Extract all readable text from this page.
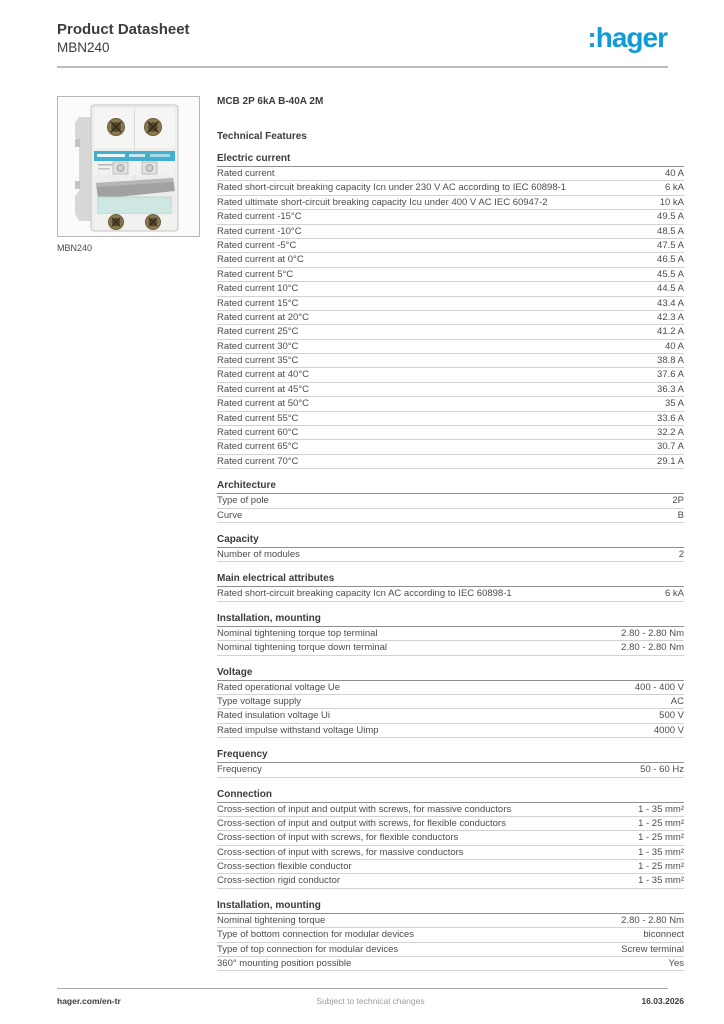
Product Datasheet
MBN240	:hager
MBN240
MCB 2P 6kA B-40A 2M
Technical Features
Electric current
Rated current	40 A
Rated short-circuit breaking capacity Icn under 230 V AC according to IEC 60898-1	6 kA
Rated ultimate short-circuit breaking capacity Icu under 400 V AC IEC 60947-2	10 kA
Rated current -15°C	49.5 A
Rated current -10°C	48.5 A
Rated current -5°C	47.5 A
Rated current at 0°C	46.5 A
Rated current 5°C	45.5 A
Rated current 10°C	44.5 A
Rated current 15°C	43.4 A
Rated current at 20°C	42.3 A
Rated current 25°C	41.2 A
Rated current 30°C	40 A
Rated current 35°C	38.8 A
Rated current at 40°C	37.6 A
Rated current at 45°C	36.3 A
Rated current at 50°C	35 A
Rated current 55°C	33.6 A
Rated current 60°C	32.2 A
Rated current 65°C	30.7 A
Rated current 70°C	29.1 A
Architecture
Type of pole	2P
Curve	B
Capacity
Number of modules	2
Main electrical attributes
Rated short-circuit breaking capacity Icn AC according to IEC 60898-1	6 kA
Installation, mounting
Nominal tightening torque top terminal	2.80 - 2.80 Nm
Nominal tightening torque down terminal	2.80 - 2.80 Nm
Voltage
Rated operational voltage Ue	400 - 400 V
Type voltage supply	AC
Rated insulation voltage Ui	500 V
Rated impulse withstand voltage Uimp	4000 V
Frequency
Frequency	50 - 60 Hz
Connection
Cross-section of input and output with screws, for massive conductors	1 - 35 mm²
Cross-section of input and output with screws, for flexible conductors	1 - 25 mm²
Cross-section of input with screws, for flexible conductors	1 - 25 mm²
Cross-section of input with screws, for massive conductors	1 - 35 mm²
Cross-section flexible conductor	1 - 25 mm²
Cross-section rigid conductor	1 - 35 mm²
Installation, mounting
Nominal tightening torque	2.80 - 2.80 Nm
Type of bottom connection for modular devices	biconnect
Type of top connection for modular devices	Screw terminal
360° mounting position possible	Yes
hager.com/en-tr	Subject to technical changes	16.03.2026
